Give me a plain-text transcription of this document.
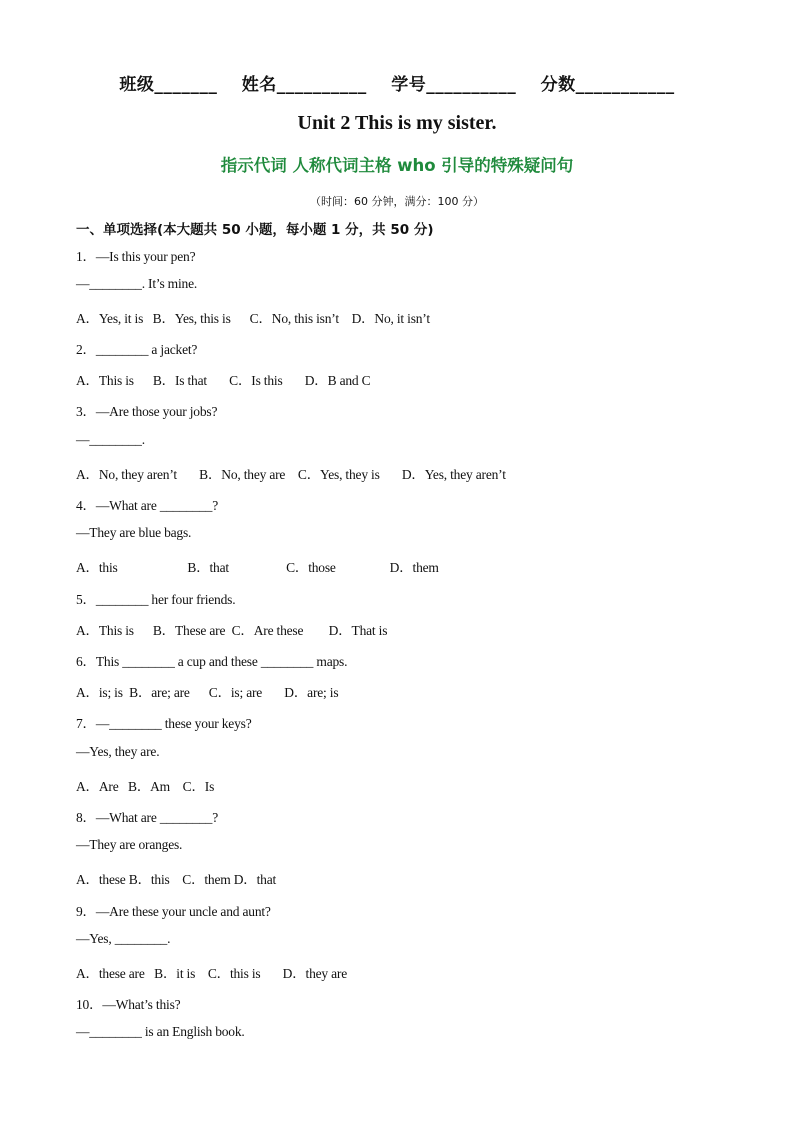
班级_______ 姓名__________ 学号__________ 分数___________
Unit 2 This is my sister.
指示代词 人称代词主格 who 引导的特殊疑问句
（时间：60 分钟，满分：100 分）
一、单项选择(本大题共 50 小题，每小题 1 分，共 50 分)
1．—Is this your pen?
—________. It’s mine.
A．Yes, it is   B．Yes, this is      C．No, this isn’t    D．No, it isn’t
2．________ a jacket?
A．This is      B．Is that       C．Is this       D．B and C
3．—Are those your jobs?
—________.
A．No, they aren’t       B．No, they are    C．Yes, they is       D．Yes, they aren’t
4．—What are ________?
—They are blue bags.
A．this                      B．that                  C．those                 D．them
5．________ her four friends.
A．This is      B．These are  C．Are these        D．That is
6．This ________ a cup and these ________ maps.
A．is; is  B．are; are      C．is; are       D．are; is
7．—________ these your keys?
—Yes, they are.
A．Are   B．Am    C．Is
8．—What are ________?
—They are oranges.
A．these B．this    C．them D．that
9．—Are these your uncle and aunt?
—Yes, ________.
A．these are   B．it is    C．this is       D．they are
10．—What’s this?
—________ is an English book.
